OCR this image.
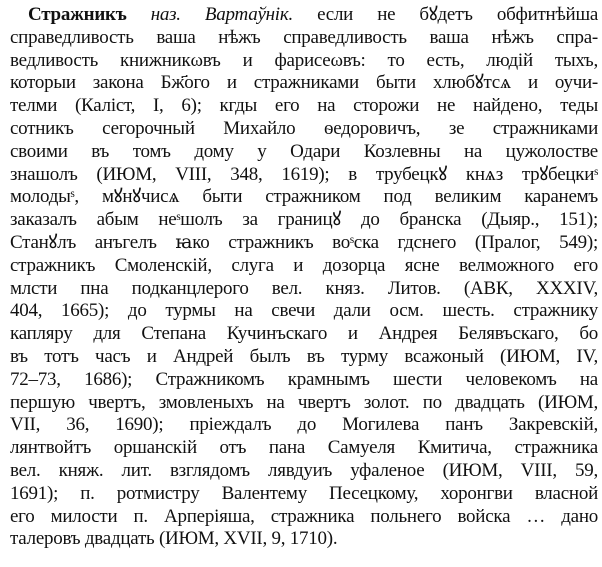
Стражникъ наз. Вартаўнік. если не бꙋдетъ обфитнѣйша
справедливость ваша нѣжъ справедливость ваша нѣжъ спра-
ведливость книжникωвъ и фарисеωвъ: то есть, людій тыхъ,
которыи закона Бж҃ого и стражниками быти хлюбꙋтсѧ и оучи-
телми (Каліст, І, 6); кгды его на сторожи не найдено, теды
сотникъ сегорочный Михайло ѳедоровичъ, зе стражниками
своими въ томъ дому у Одари Козлевны на цужолостве
знашолъ (ИЮМ, VIII, 348, 1619); в трубецкꙋ кнѧз трꙋбецкиˢ
молодыˢ, мꙋнꙋчисѧ быти стражником под великим каранемъ
заказалъ абым неˢшолъ за границꙋ до бранска (Дыяр., 151);
Станꙋлъ анъгелъ ꙗко стражникъ воˢска гдснего (Пралог, 549);
стражникъ Смоленскій, слуга и дозорца ясне велможного его
млсти пна подканцлерого вел. княз. Литов. (АВК, XXXIV,
404, 1665); до турмы на свечи дали осм. шесть. стражнику
капляру для Степана Кучинъскаго и Андрея Белявъскаго, бо
въ тотъ часъ и Андрей былъ въ турму всажоный (ИЮМ, IV,
72–73, 1686); Стражникомъ крамнымъ шести человекомъ на
першую чвертъ, змовленыхъ на чвертъ золот. по двадцать (ИЮМ,
VII, 36, 1690); пріеждалъ до Могилева панъ Закревскій,
лянтвойтъ оршанскій отъ пана Самуеля Кмитича, стражника
вел. княж. лит. взглядомъ лявдуиъ уфаленое (ИЮМ, VIII, 59,
1691); п. ротмистру Валентему Песецкому, хоронгви власной
его милости п. Арперіяша, стражника польнего войска … дано
талеровъ двадцать (ИЮМ, XVII, 9, 1710).
